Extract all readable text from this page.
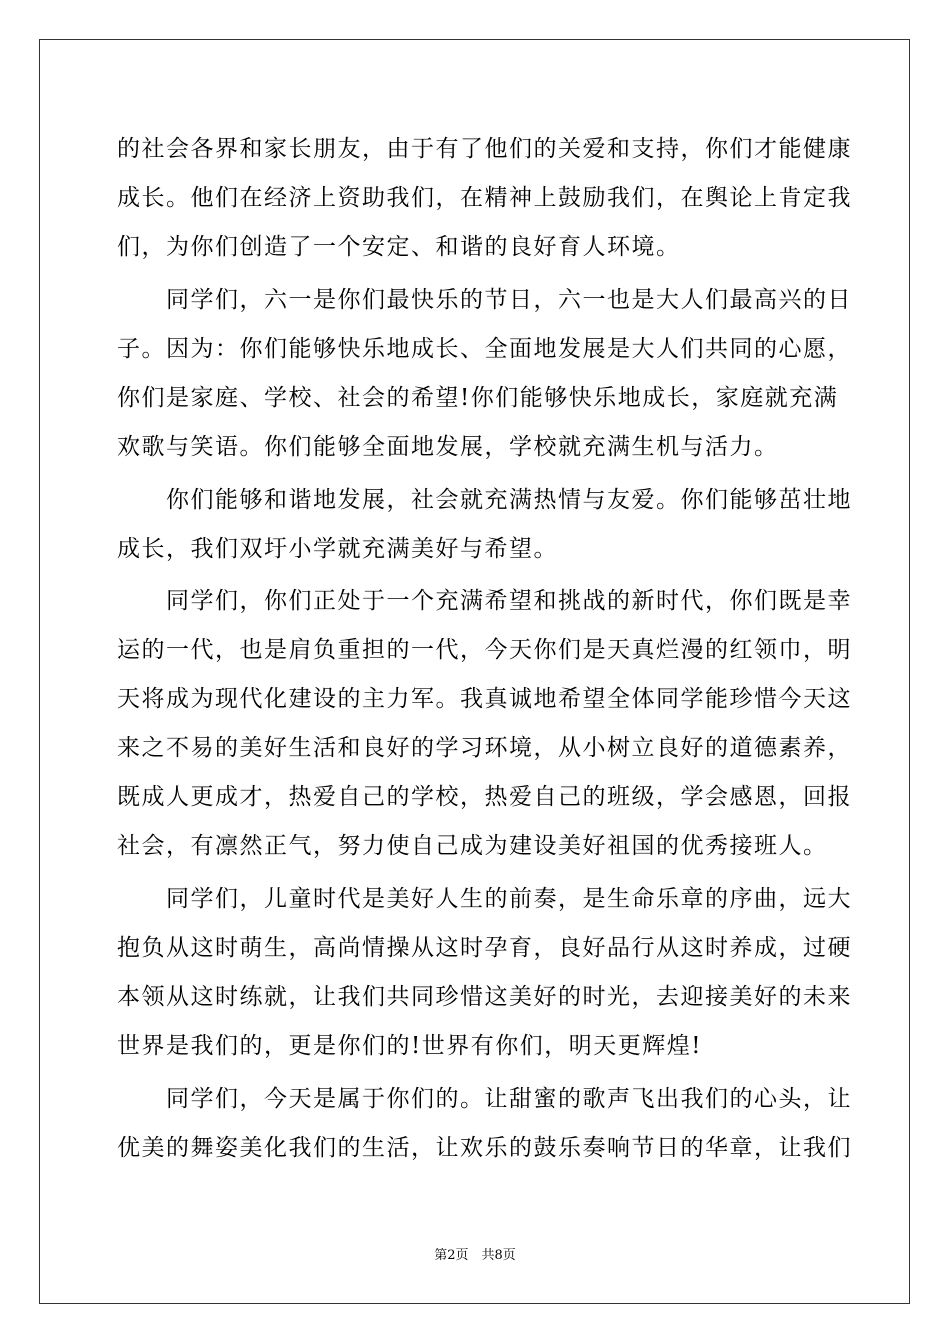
的社会各界和家长朋友，由于有了他们的关爱和支持，你们才能健康
成长。他们在经济上资助我们，在精神上鼓励我们，在舆论上肯定我
们，为你们创造了一个安定、和谐的良好育人环境。
　　同学们，六一是你们最快乐的节日，六一也是大人们最高兴的日
子。因为：你们能够快乐地成长、全面地发展是大人们共同的心愿，
你们是家庭、学校、社会的希望!你们能够快乐地成长，家庭就充满
欢歌与笑语。你们能够全面地发展，学校就充满生机与活力。
　　你们能够和谐地发展，社会就充满热情与友爱。你们能够茁壮地
成长，我们双圩小学就充满美好与希望。
　　同学们，你们正处于一个充满希望和挑战的新时代，你们既是幸
运的一代，也是肩负重担的一代，今天你们是天真烂漫的红领巾，明
天将成为现代化建设的主力军。我真诚地希望全体同学能珍惜今天这
来之不易的美好生活和良好的学习环境，从小树立良好的道德素养，
既成人更成才，热爱自己的学校，热爱自己的班级，学会感恩，回报
社会，有凛然正气，努力使自己成为建设美好祖国的优秀接班人。
　　同学们，儿童时代是美好人生的前奏，是生命乐章的序曲，远大
抱负从这时萌生，高尚情操从这时孕育，良好品行从这时养成，过硬
本领从这时练就，让我们共同珍惜这美好的时光，去迎接美好的未来
世界是我们的，更是你们的!世界有你们，明天更辉煌!
　　同学们，今天是属于你们的。让甜蜜的歌声飞出我们的心头，让
优美的舞姿美化我们的生活，让欢乐的鼓乐奏响节日的华章，让我们
第2页　共8页
